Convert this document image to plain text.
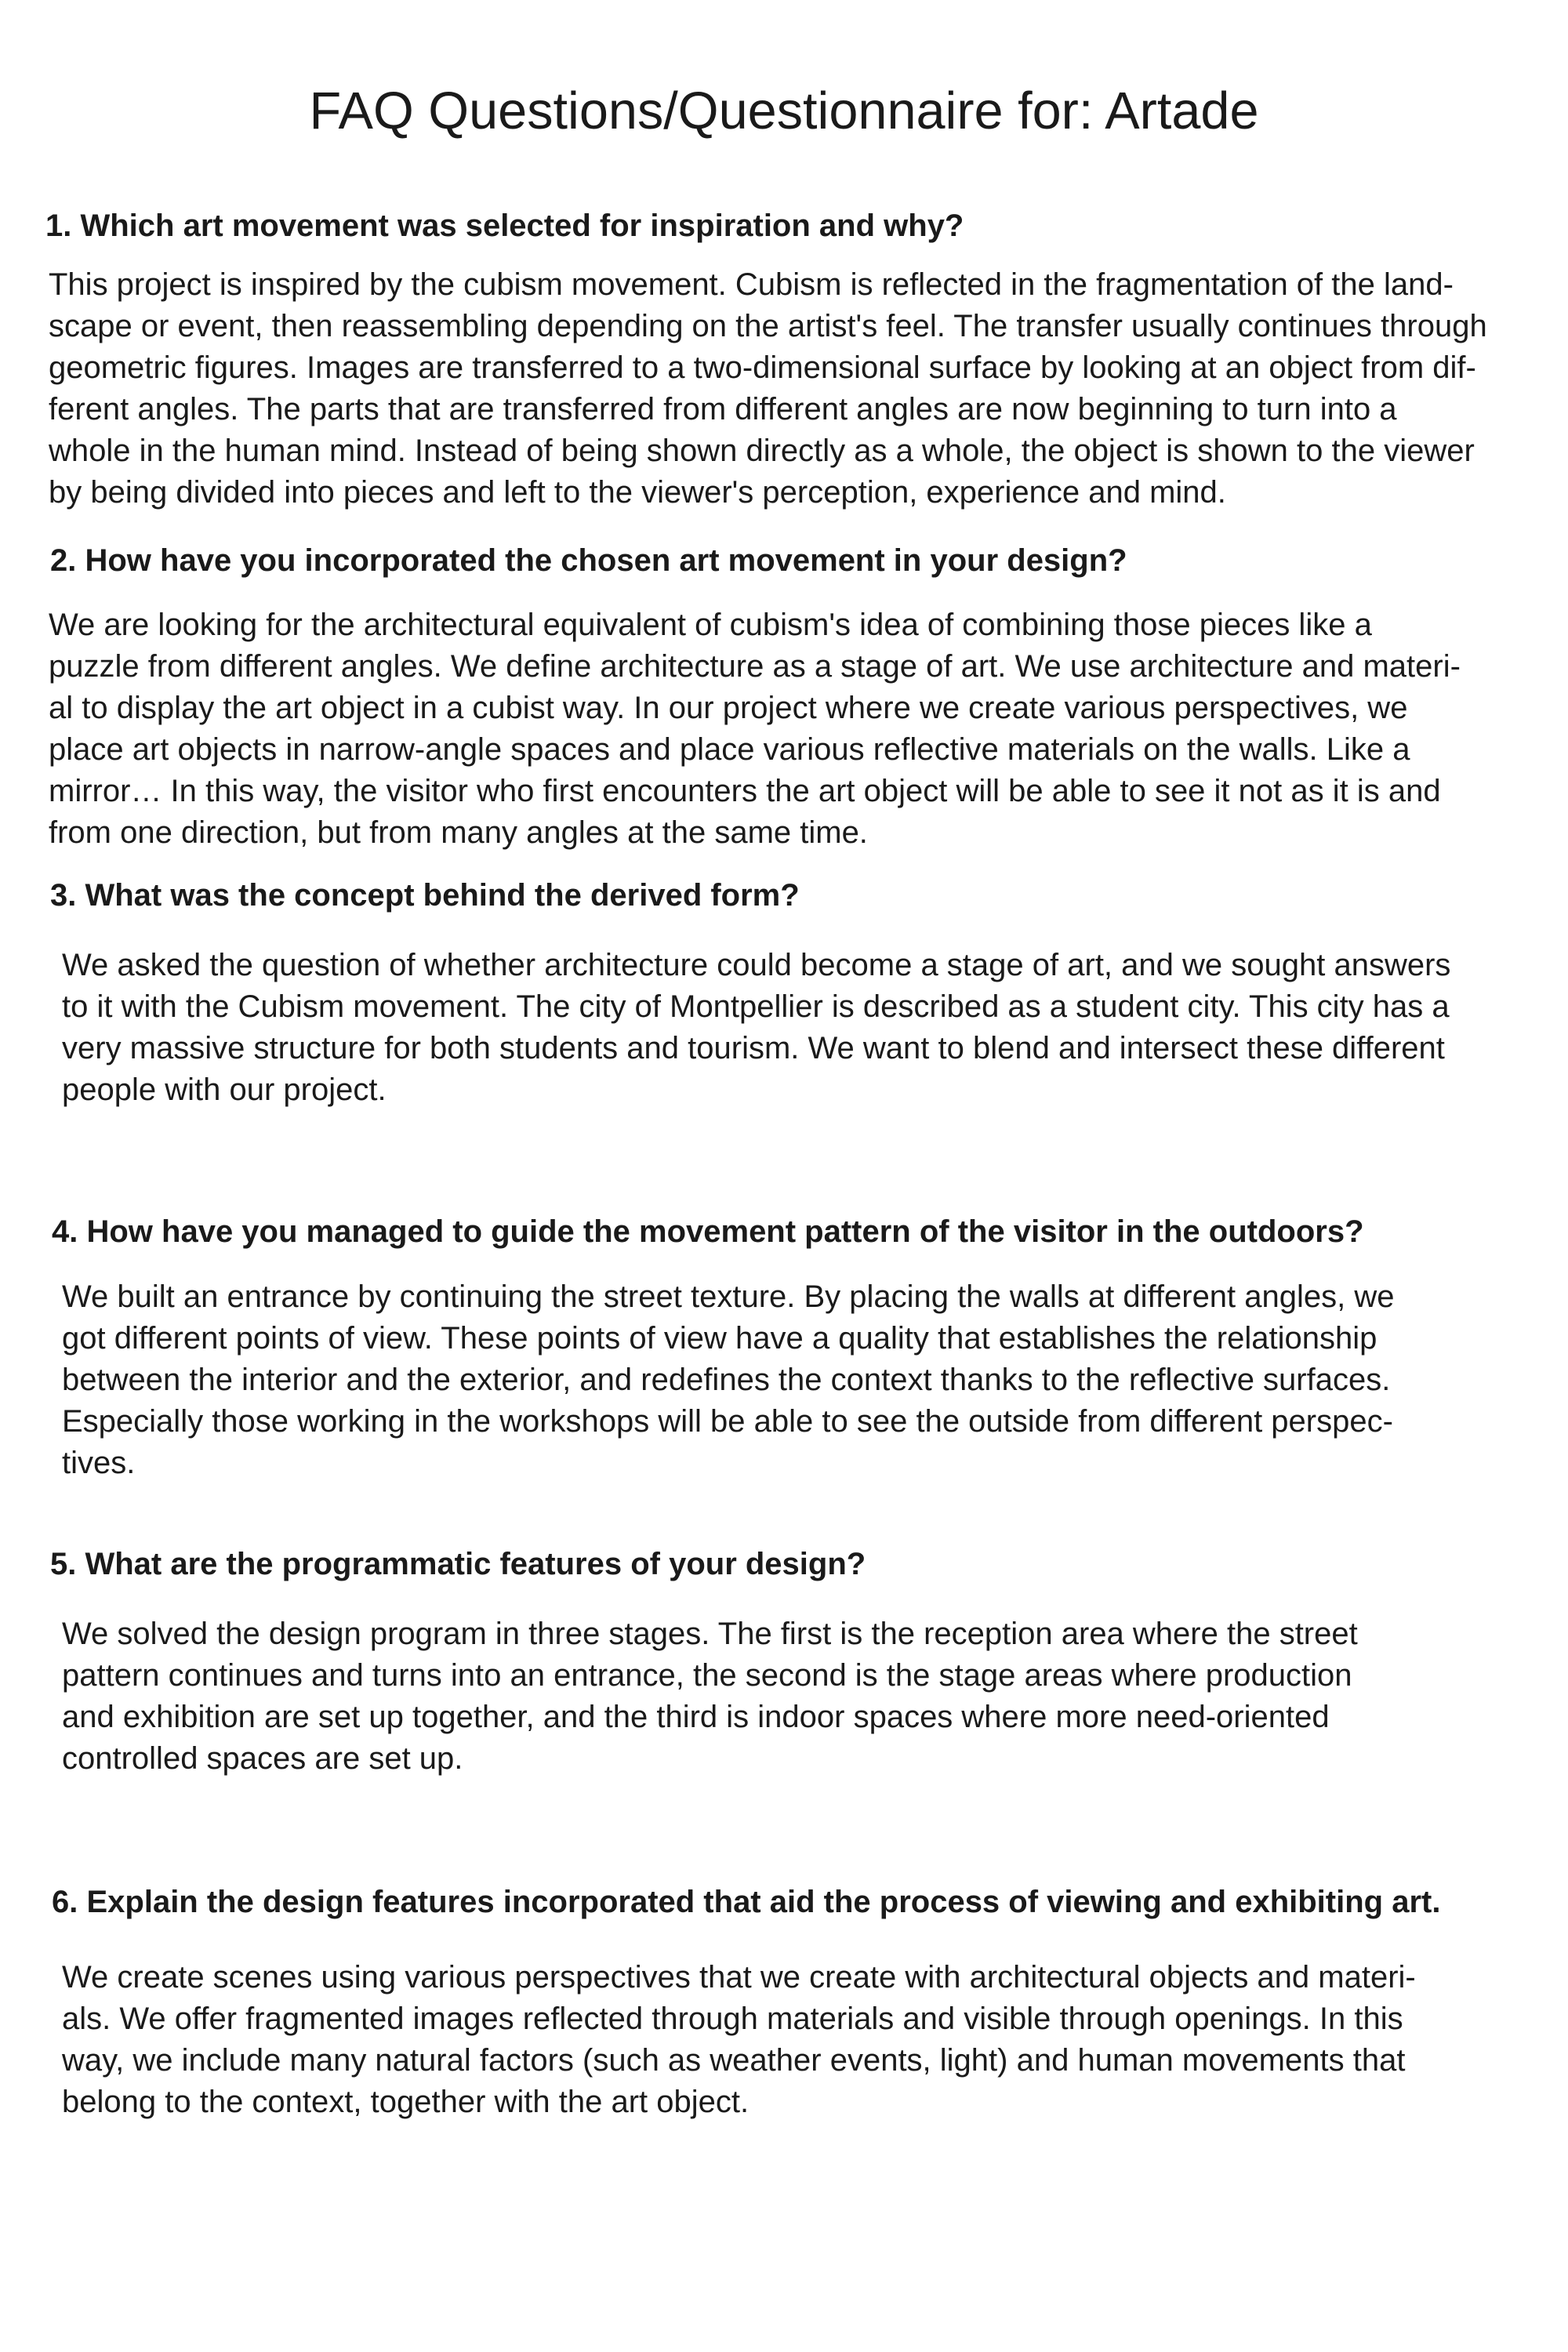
FAQ Questions/Questionnaire for: Artade

1. Which art movement was selected for inspiration and why?

This project is inspired by the cubism movement. Cubism is reflected in the fragmentation of the land-
scape or event, then reassembling depending on the artist's feel. The transfer usually continues through
geometric figures. Images are transferred to a two-dimensional surface by looking at an object from dif-
ferent angles. The parts that are transferred from different angles are now beginning to turn into a
whole in the human mind. Instead of being shown directly as a whole, the object is shown to the viewer
by being divided into pieces and left to the viewer's perception, experience and mind.

2. How have you incorporated the chosen art movement in your design?

We are looking for the architectural equivalent of cubism's idea of combining those pieces like a
puzzle from different angles. We define architecture as a stage of art. We use architecture and materi-
al to display the art object in a cubist way. In our project where we create various perspectives, we
place art objects in narrow-angle spaces and place various reflective materials on the walls. Like a
mirror… In this way, the visitor who first encounters the art object will be able to see it not as it is and
from one direction, but from many angles at the same time.

3. What was the concept behind the derived form?

We asked the question of whether architecture could become a stage of art, and we sought answers
to it with the Cubism movement. The city of Montpellier is described as a student city. This city has a
very massive structure for both students and tourism. We want to blend and intersect these different
people with our project.

4. How have you managed to guide the movement pattern of the visitor in the outdoors?

We built an entrance by continuing the street texture. By placing the walls at different angles, we
got different points of view. These points of view have a quality that establishes the relationship
between the interior and the exterior, and redefines the context thanks to the reflective surfaces.
Especially those working in the workshops will be able to see the outside from different perspec-
tives.

5. What are the programmatic features of your design?

We solved the design program in three stages. The first is the reception area where the street
pattern continues and turns into an entrance, the second is the stage areas where production
and exhibition are set up together, and the third is indoor spaces where more need-oriented
controlled spaces are set up.

6. Explain the design features incorporated that aid the process of viewing and exhibiting art.

We create scenes using various perspectives that we create with architectural objects and materi-
als. We offer fragmented images reflected through materials and visible through openings. In this
way, we include many natural factors (such as weather events, light) and human movements that
belong to the context, together with the art object.
